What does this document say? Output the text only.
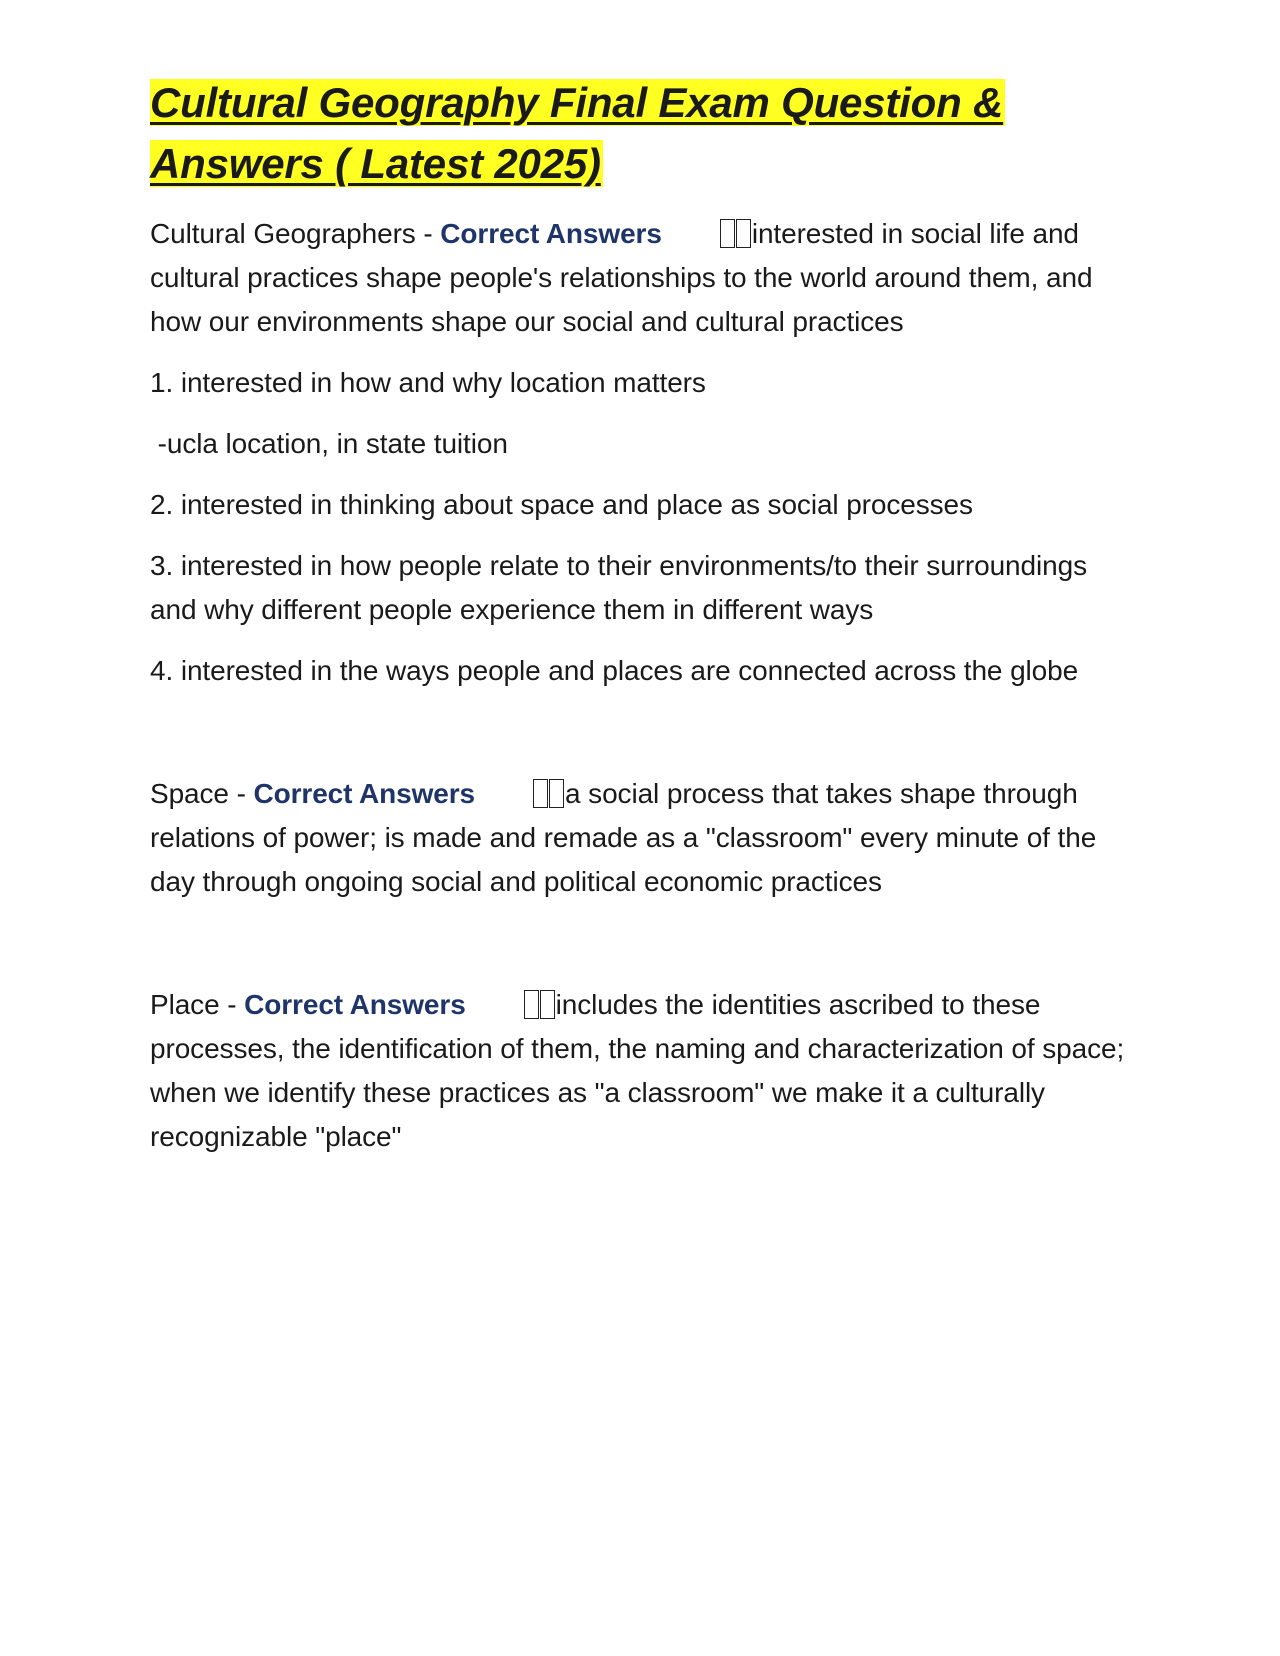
Cultural Geography Final Exam Question &
Answers ( Latest 2025)

Cultural Geographers - Correct Answers	interested in social life and cultural practices shape people's relationships to the world around them, and how our environments shape our social and cultural practices

1. interested in how and why location matters

-ucla location, in state tuition

2. interested in thinking about space and place as social processes

3. interested in how people relate to their environments/to their surroundings and why different people experience them in different ways

4. interested in the ways people and places are connected across the globe

Space - Correct Answers	a social process that takes shape through relations of power; is made and remade as a "classroom" every minute of the day through ongoing social and political economic practices

Place - Correct Answers	includes the identities ascribed to these processes, the identification of them, the naming and characterization of space; when we identify these practices as "a classroom" we make it a culturally recognizable "place"
